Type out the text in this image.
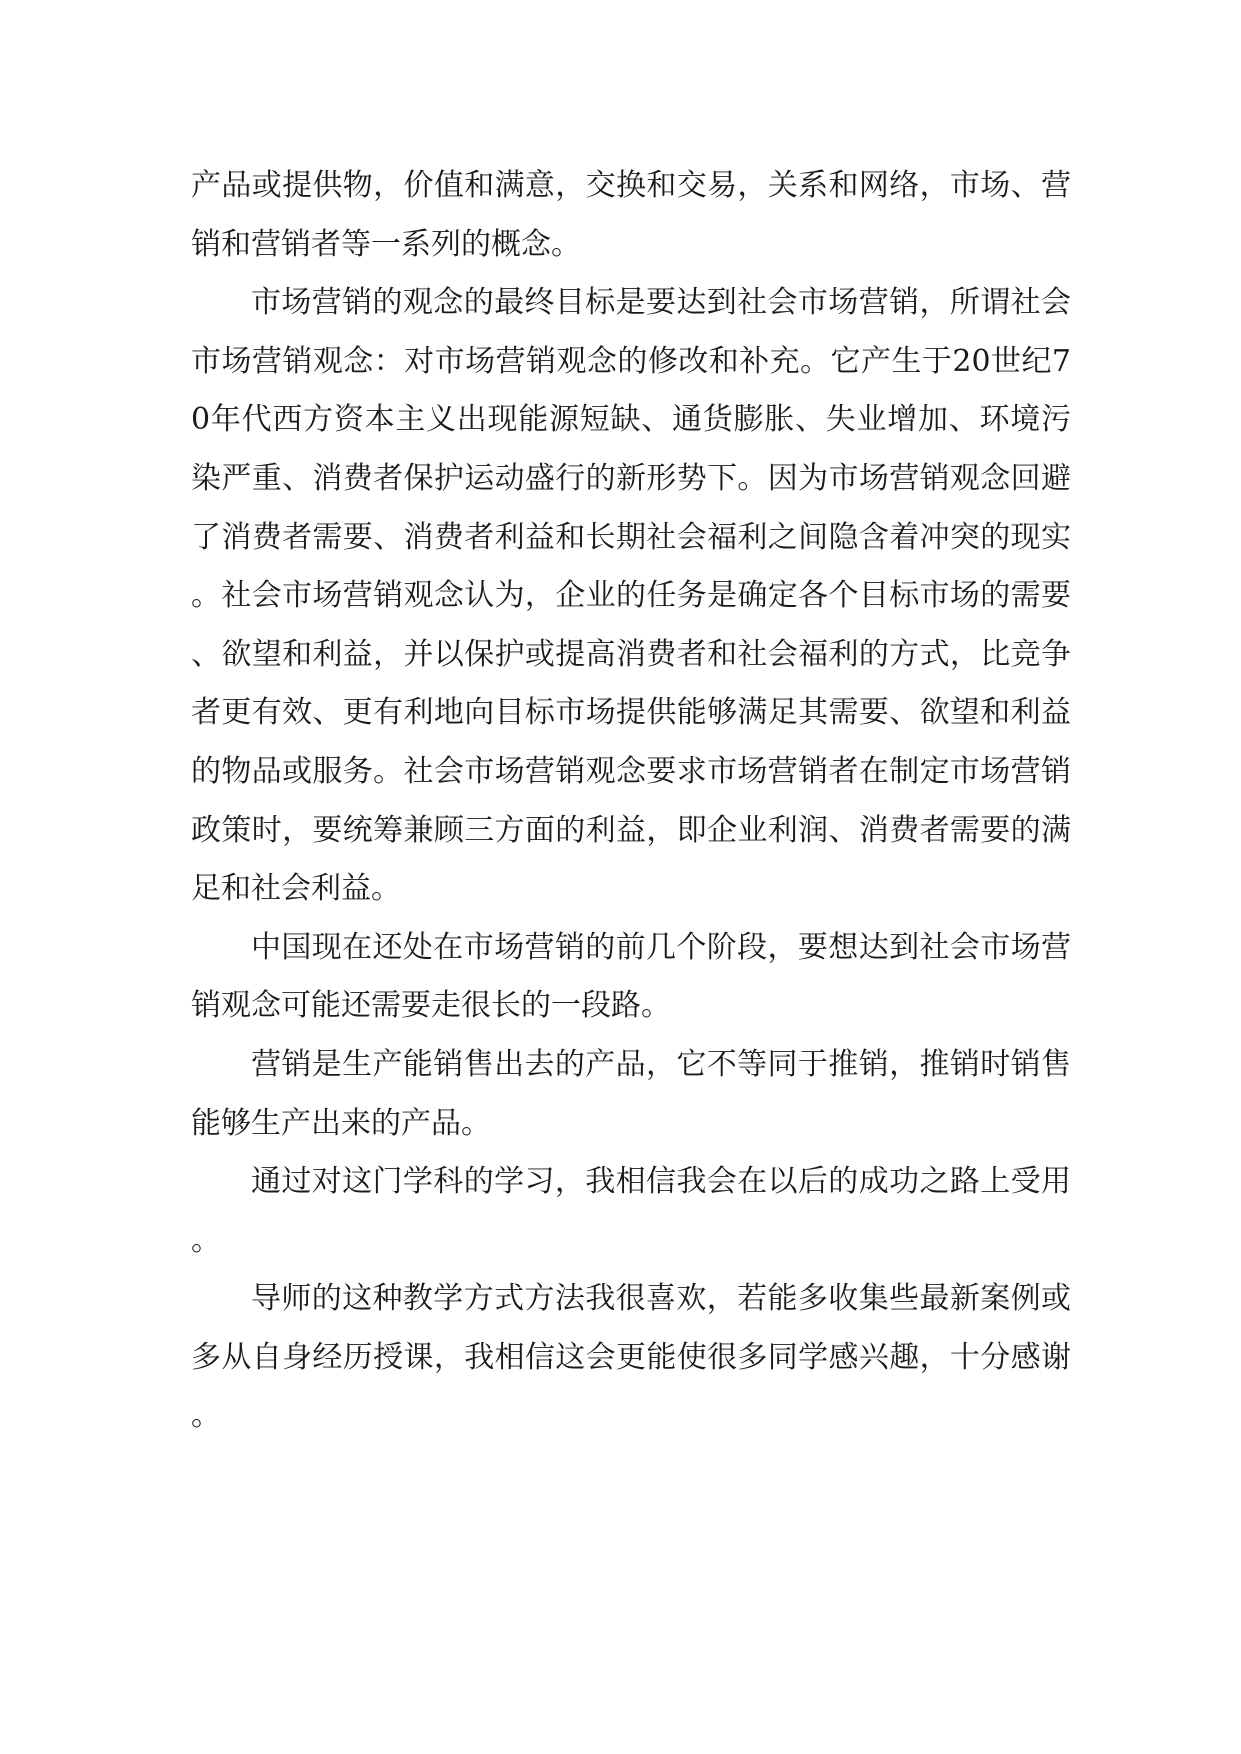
产品或提供物，价值和满意，交换和交易，关系和网络，市场、营销和营销者等一系列的概念。

市场营销的观念的最终目标是要达到社会市场营销，所谓社会市场营销观念：对市场营销观念的修改和补充。它产生于20世纪70年代西方资本主义出现能源短缺、通货膨胀、失业增加、环境污染严重、消费者保护运动盛行的新形势下。因为市场营销观念回避了消费者需要、消费者利益和长期社会福利之间隐含着冲突的现实。社会市场营销观念认为，企业的任务是确定各个目标市场的需要、欲望和利益，并以保护或提高消费者和社会福利的方式，比竞争者更有效、更有利地向目标市场提供能够满足其需要、欲望和利益的物品或服务。社会市场营销观念要求市场营销者在制定市场营销政策时，要统筹兼顾三方面的利益，即企业利润、消费者需要的满足和社会利益。

中国现在还处在市场营销的前几个阶段，要想达到社会市场营销观念可能还需要走很长的一段路。

营销是生产能销售出去的产品，它不等同于推销，推销时销售能够生产出来的产品。

通过对这门学科的学习，我相信我会在以后的成功之路上受用。

导师的这种教学方式方法我很喜欢，若能多收集些最新案例或多从自身经历授课，我相信这会更能使很多同学感兴趣，十分感谢。
